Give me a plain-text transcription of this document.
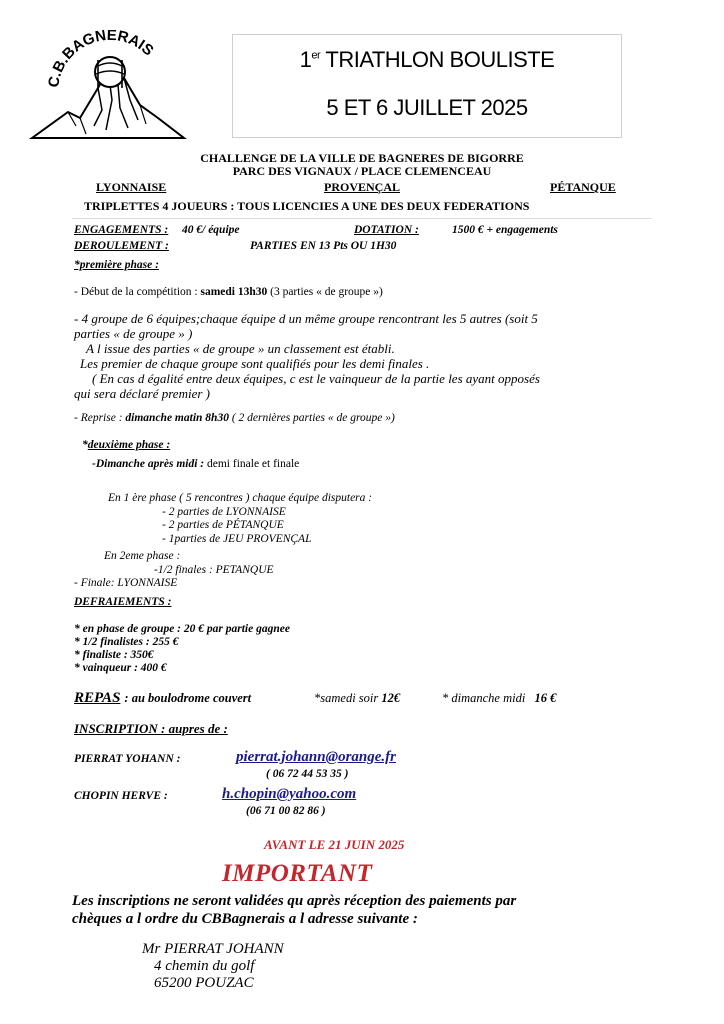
C.B.BAGNERAIS	1er TRIATHLON BOULISTE
5 ET 6 JUILLET 2025
CHALLENGE DE LA VILLE DE BAGNERES DE BIGORRE
PARC DES VIGNAUX / PLACE CLEMENCEAU
LYONNAISE	PROVENÇAL	PÉTANQUE
TRIPLETTES 4 JOUEURS : TOUS LICENCIES A UNE DES DEUX FEDERATIONS
ENGAGEMENTS : 40 €/ équipe	DOTATION :	1500 € + engagements
DEROULEMENT :	PARTIES EN 13 Pts OU 1H30
*première phase :
- Début de la compétition : samedi 13h30 (3 parties « de groupe »)
- 4 groupe de 6 équipes;chaque équipe d un même groupe rencontrant les 5 autres (soit 5
parties « de groupe » )
A l issue des parties « de groupe » un classement est établi.
Les premier de chaque groupe sont qualifiés pour les demi finales .
( En cas d égalité entre deux équipes, c est le vainqueur de la partie les ayant opposés
qui sera déclaré premier )
- Reprise : dimanche matin 8h30 ( 2 dernières parties « de groupe »)
*deuxième phase :
-Dimanche après midi : demi finale et finale
En 1 ère phase ( 5 rencontres ) chaque équipe disputera :
- 2 parties de LYONNAISE
- 2 parties de PÉTANQUE
- 1parties de JEU PROVENÇAL
En 2eme phase :
-1/2 finales : PETANQUE
- Finale: LYONNAISE
DEFRAIEMENTS :
* en phase de groupe : 20 € par partie gagnee
* 1/2 finalistes : 255 €
* finaliste : 350€
* vainqueur : 400 €
REPAS : au boulodrome couvert	*samedi soir 12€	* dimanche midi 16 €
INSCRIPTION : aupres de :
PIERRAT YOHANN :	pierrat.johann@orange.fr
( 06 72 44 53 35 )
CHOPIN HERVE :	h.chopin@yahoo.com
(06 71 00 82 86 )
AVANT LE 21 JUIN 2025
IMPORTANT
Les inscriptions ne seront validées qu après réception des paiements par
chèques a l ordre du CBBagnerais a l adresse suivante :
Mr PIERRAT JOHANN
4 chemin du golf
65200 POUZAC
